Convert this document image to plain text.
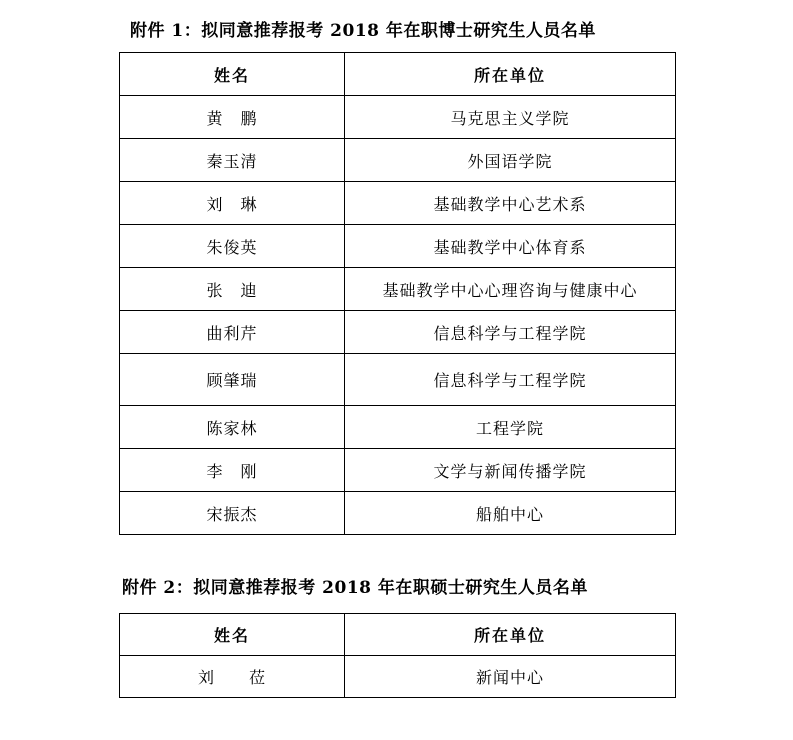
附件 1：拟同意推荐报考 2018 年在职博士研究生人员名单
姓名	所在单位
黄　鹏	马克思主义学院
秦玉清	外国语学院
刘　琳	基础教学中心艺术系
朱俊英	基础教学中心体育系
张　迪	基础教学中心心理咨询与健康中心
曲利芹	信息科学与工程学院
顾肇瑞	信息科学与工程学院
陈家林	工程学院
李　刚	文学与新闻传播学院
宋振杰	船舶中心
附件 2：拟同意推荐报考 2018 年在职硕士研究生人员名单
姓名	所在单位
刘　　莅	新闻中心
